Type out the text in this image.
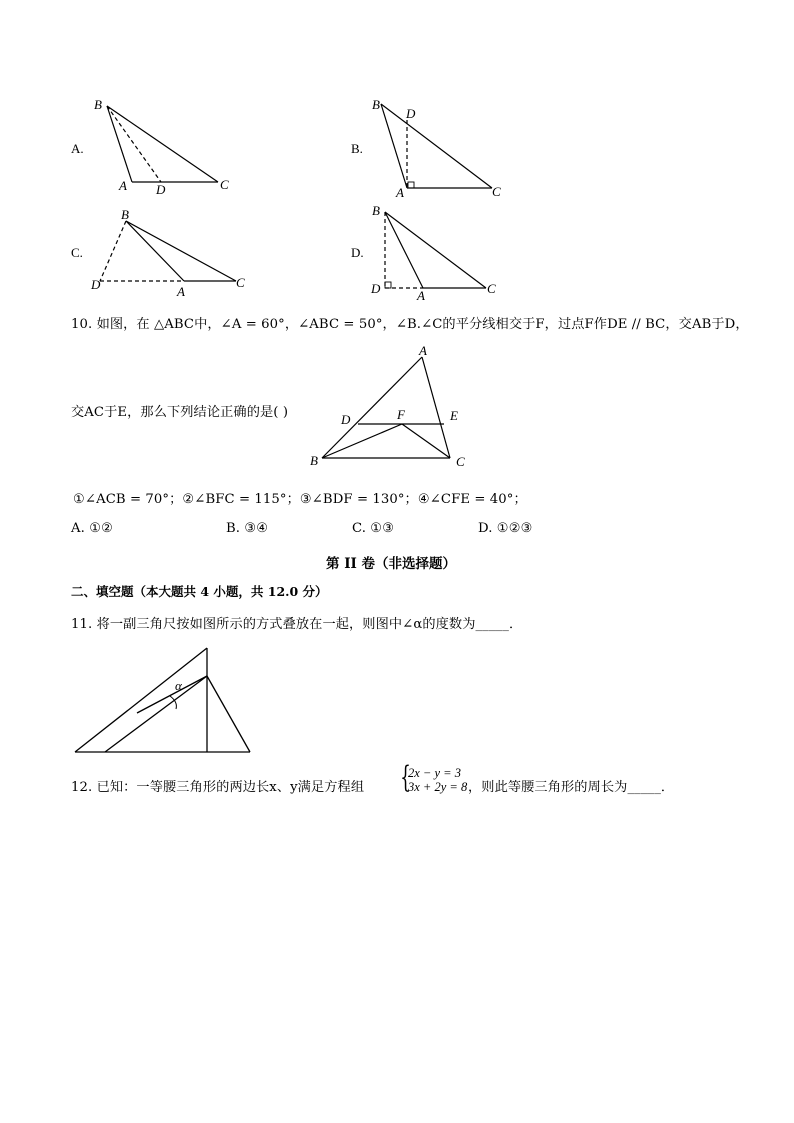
A.
B
A D	C
B.
B
D
A	C
C.
B
D	A
C
D.
B
D	A	C
10. 如图，在 △ABC中，∠A = 60°，∠ABC = 50°，∠B.∠C的平分线相交于F，过点F作DE // BC，交AB于D，
A
D	F	E
B	C
交AC于E，那么下列结论正确的是( )
①∠ACB = 70°；②∠BFC = 115°；③∠BDF = 130°；④∠CFE = 40°；
A. ①②	B. ③④	C. ①③	D. ①②③
第 II 卷（非选择题）
二、填空题（本大题共 4 小题，共 12.0 分）
11. 将一副三角尺按如图所示的方式叠放在一起，则图中∠α的度数为_____．
α
12. 已知：一等腰三角形的两边长x、y满足方程组 {
2x − y = 3
3x + 2y = 8 ，则此等腰三角形的周长为_____．
